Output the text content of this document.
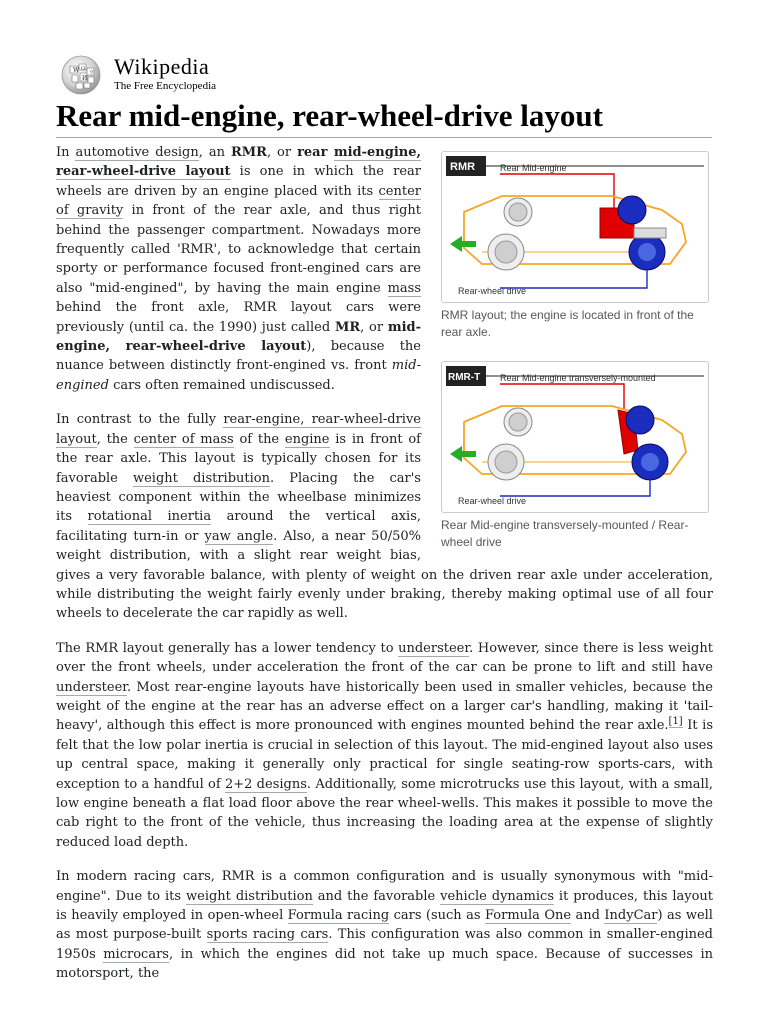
W Ω
И
ウ Wikipedia
The Free Encyclopedia
Rear mid-engine, rear-wheel-drive layout
RMR	Rear Mid-engine
Rear-wheel drive
RMR layout; the engine is located in front of the rear axle.
RMR-T Rear Mid-engine transversely-mounted
Rear-wheel drive
Rear Mid-engine transversely-mounted / Rear-wheel drive

In automotive design, an RMR, or rear mid-engine, rear-wheel-drive layout is one in which the rear wheels are driven by an engine placed with its center of gravity in front of the rear axle, and thus right behind the passenger compartment. Nowadays more frequently called 'RMR', to acknowledge that certain sporty or performance focused front-engined cars are also "mid-engined", by having the main engine mass behind the front axle, RMR layout cars were previously (until ca. the 1990) just called MR, or mid-engine, rear-wheel-drive layout), because the nuance between distinctly front-engined vs. front mid-engined cars often remained undiscussed.

In contrast to the fully rear-engine, rear-wheel-drive layout, the center of mass of the engine is in front of the rear axle. This layout is typically chosen for its favorable weight distribution. Placing the car's heaviest component within the wheelbase minimizes its rotational inertia around the vertical axis, facilitating turn-in or yaw angle. Also, a near 50/50% weight distribution, with a slight rear weight bias, gives a very favorable balance, with plenty of weight on the driven rear axle under acceleration, while distributing the weight fairly evenly under braking, thereby making optimal use of all four wheels to decelerate the car rapidly as well.

The RMR layout generally has a lower tendency to understeer. However, since there is less weight over the front wheels, under acceleration the front of the car can be prone to lift and still have understeer. Most rear-engine layouts have historically been used in smaller vehicles, because the weight of the engine at the rear has an adverse effect on a larger car's handling, making it 'tail-heavy', although this effect is more pronounced with engines mounted behind the rear axle.[1] It is felt that the low polar inertia is crucial in selection of this layout. The mid-engined layout also uses up central space, making it generally only practical for single seating-row sports-cars, with exception to a handful of 2+2 designs. Additionally, some microtrucks use this layout, with a small, low engine beneath a flat load floor above the rear wheel-wells. This makes it possible to move the cab right to the front of the vehicle, thus increasing the loading area at the expense of slightly reduced load depth.

In modern racing cars, RMR is a common configuration and is usually synonymous with "mid-engine". Due to its weight distribution and the favorable vehicle dynamics it produces, this layout is heavily employed in open-wheel Formula racing cars (such as Formula One and IndyCar) as well as most purpose-built sports racing cars. This configuration was also common in smaller-engined 1950s microcars, in which the engines did not take up much space. Because of successes in motorsport, the
